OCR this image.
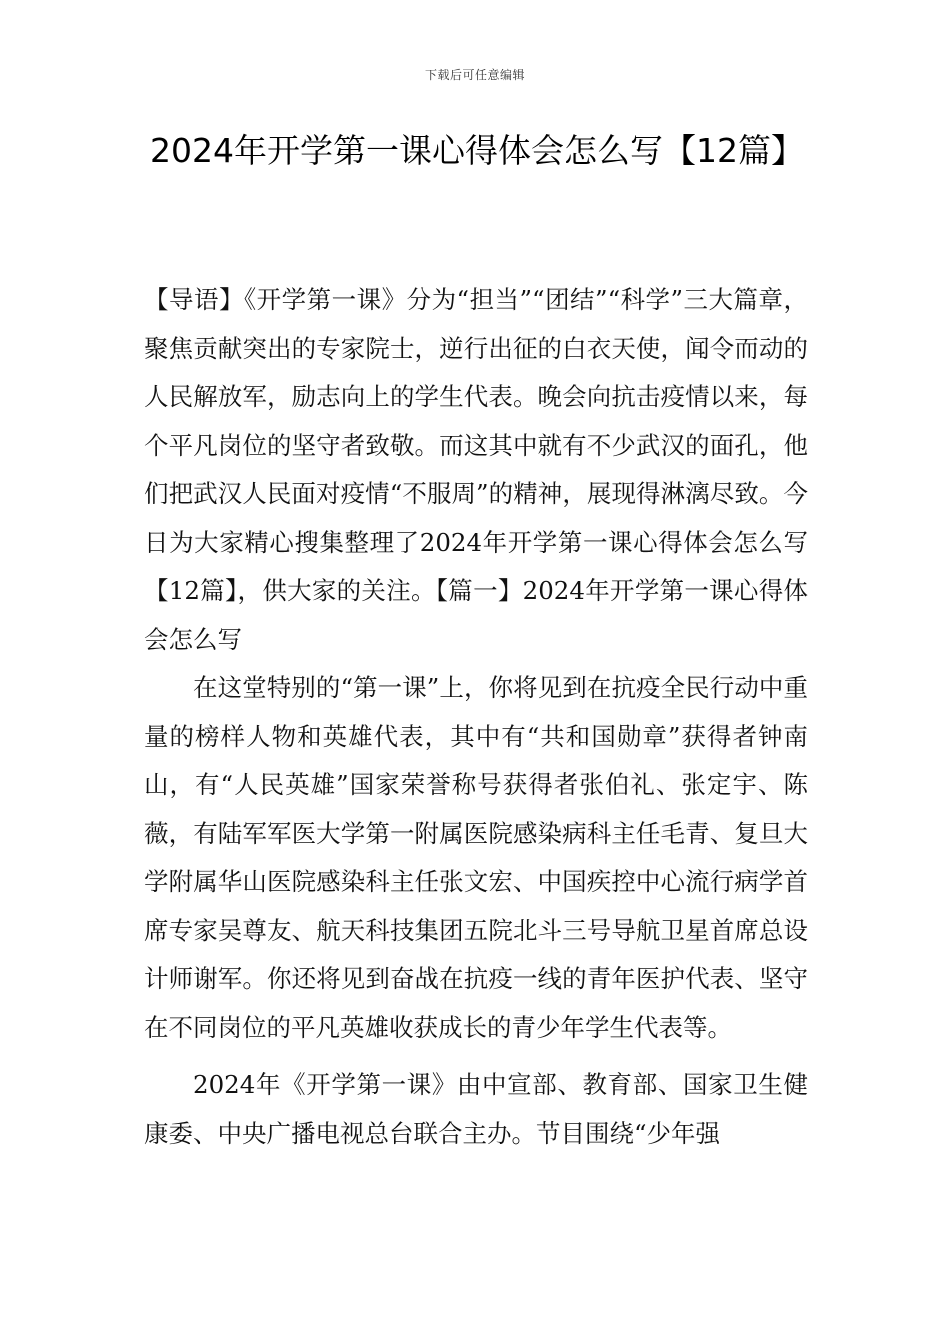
下载后可任意编辑
2024年开学第一课心得体会怎么写【12篇】

【导语】《开学第一课》分为“担当”“团结”“科学”三大篇章，聚焦贡献突出的专家院士，逆行出征的白衣天使，闻令而动的人民解放军，励志向上的学生代表。晚会向抗击疫情以来，每个平凡岗位的坚守者致敬。而这其中就有不少武汉的面孔，他们把武汉人民面对疫情“不服周”的精神，展现得淋漓尽致。今日为大家精心搜集整理了2024年开学第一课心得体会怎么写【12篇】，供大家的关注。【篇一】2024年开学第一课心得体会怎么写

在这堂特别的“第一课”上，你将见到在抗疫全民行动中重量的榜样人物和英雄代表，其中有“共和国勋章”获得者钟南山，有“人民英雄”国家荣誉称号获得者张伯礼、张定宇、陈薇，有陆军军医大学第一附属医院感染病科主任毛青、复旦大学附属华山医院感染科主任张文宏、中国疾控中心流行病学首席专家吴尊友、航天科技集团五院北斗三号导航卫星首席总设计师谢军。你还将见到奋战在抗疫一线的青年医护代表、坚守在不同岗位的平凡英雄收获成长的青少年学生代表等。

2024年《开学第一课》由中宣部、教育部、国家卫生健康委、中央广播电视总台联合主办。节目围绕“少年强
